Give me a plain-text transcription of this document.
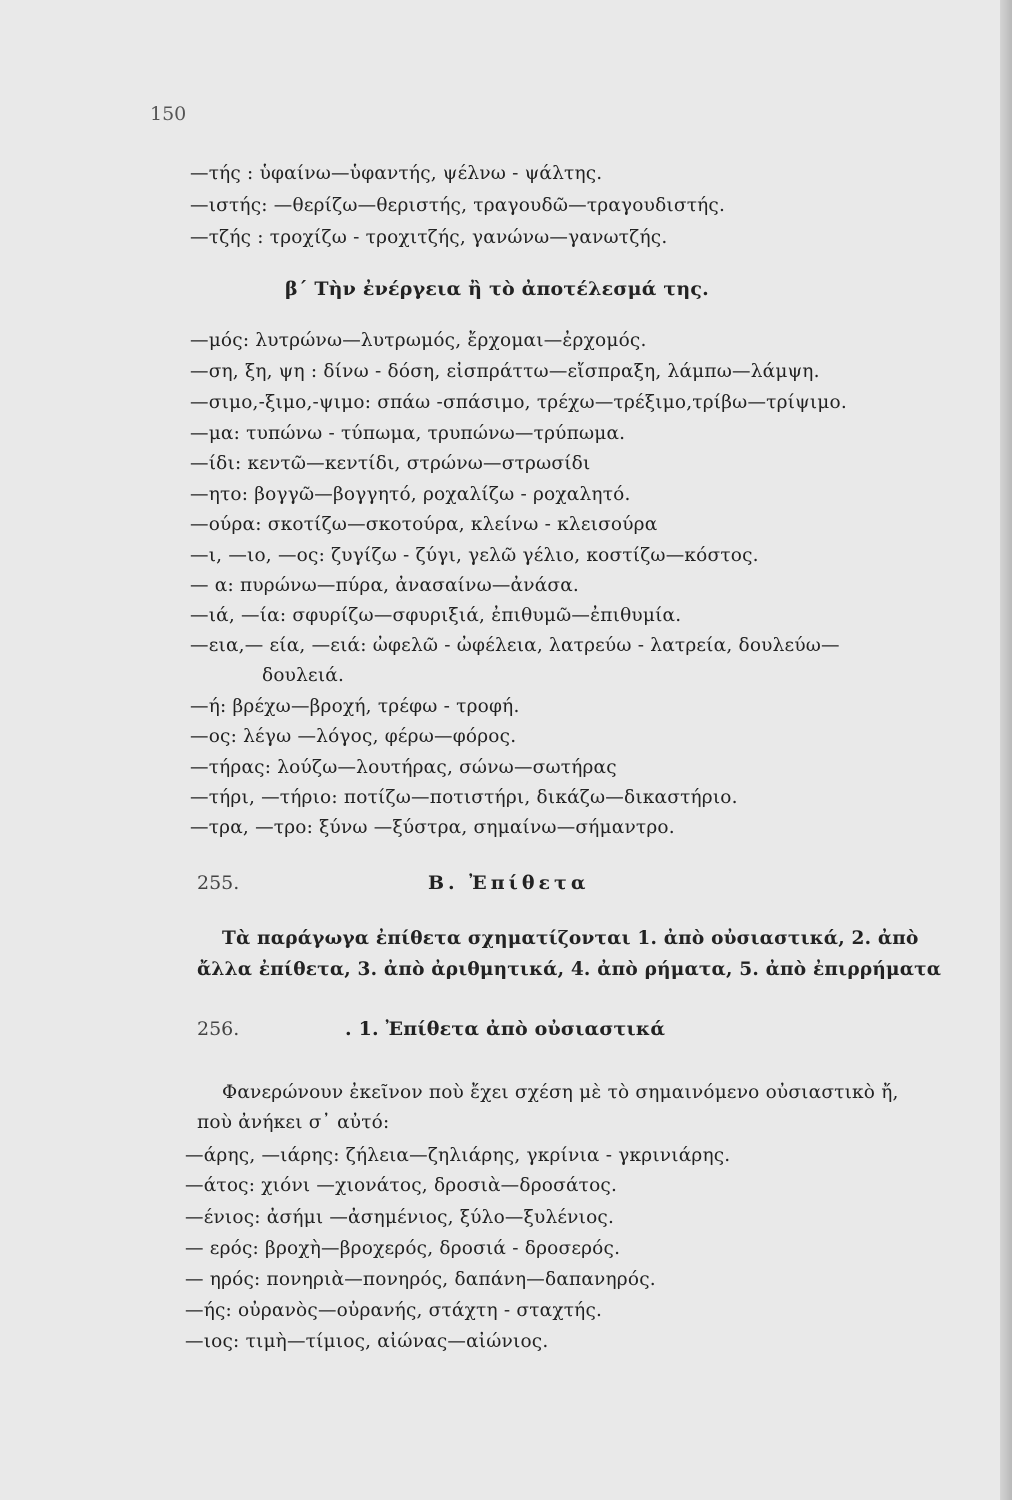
150
—τής : ὑφαίνω—ὑφαντής, ψέλνω - ψάλτης.
—ιστής: —θερίζω—θεριστής, τραγουδῶ—τραγουδιστής.
—τζής : τροχίζω - τροχιτζής, γανώνω—γανωτζής.
β΄ Τὴν ἐνέργεια ἢ τὸ ἀποτέλεσμά της.
—μός: λυτρώνω—λυτρωμός, ἔρχομαι—ἐρχομός.
—ση, ξη, ψη : δίνω - δόση, εἰσπράττω—εἴσπραξη, λάμπω—λάμψη.
—σιμο,-ξιμο,-ψιμο: σπάω -σπάσιμο, τρέχω—τρέξιμο,τρίβω—τρίψιμο.
—μα: τυπώνω - τύπωμα, τρυπώνω—τρύπωμα.
—ίδι: κεντῶ—κεντίδι, στρώνω—στρωσίδι
—ητο: βογγῶ—βογγητό, ροχαλίζω - ροχαλητό.
—ούρα: σκοτίζω—σκοτούρα, κλείνω - κλεισούρα
—ι, —ιο, —ος: ζυγίζω - ζύγι, γελῶ γέλιο, κοστίζω—κόστος.
— α: πυρώνω—πύρα, ἀνασαίνω—ἀνάσα.
—ιά, —ία: σφυρίζω—σφυριξιά, ἐπιθυμῶ—ἐπιθυμία.
—εια,— εία, —ειά: ὠφελῶ - ὠφέλεια, λατρεύω - λατρεία, δουλεύω—
δουλειά.
—ή: βρέχω—βροχή, τρέφω - τροφή.
—ος: λέγω —λόγος, φέρω—φόρος.
—τήρας: λούζω—λουτήρας, σώνω—σωτήρας
—τήρι, —τήριο: ποτίζω—ποτιστήρι, δικάζω—δικαστήριο.
—τρα, —τρο: ξύνω —ξύστρα, σημαίνω—σήμαντρο.
255.	Β. Ἐπίθετα
Τὰ παράγωγα ἐπίθετα σχηματίζονται 1. ἀπὸ οὐσιαστικά, 2. ἀπὸ
ἄλλα ἐπίθετα, 3. ἀπὸ ἀριθμητικά, 4. ἀπὸ ρήματα, 5. ἀπὸ ἐπιρρήματα
256.	. 1. Ἐπίθετα ἀπὸ οὐσιαστικά
Φανερώνουν ἐκεῖνον ποὺ ἔχει σχέση μὲ τὸ σημαινόμενο οὐσιαστικὸ ἤ,
ποὺ ἀνήκει σ᾽ αὐτό:
—άρης, —ιάρης: ζήλεια—ζηλιάρης, γκρίνια - γκρινιάρης.
—άτος: χιόνι —χιονάτος, δροσιὰ—δροσάτος.
—ένιος: ἀσήμι —ἀσημένιος, ξύλο—ξυλένιος.
— ερός: βροχὴ—βροχερός, δροσιά - δροσερός.
— ηρός: πονηριὰ—πονηρός, δαπάνη—δαπανηρός.
—ής: οὐρανὸς—οὐρανής, στάχτη - σταχτής.
—ιος: τιμὴ—τίμιος, αἰώνας—αἰώνιος.
